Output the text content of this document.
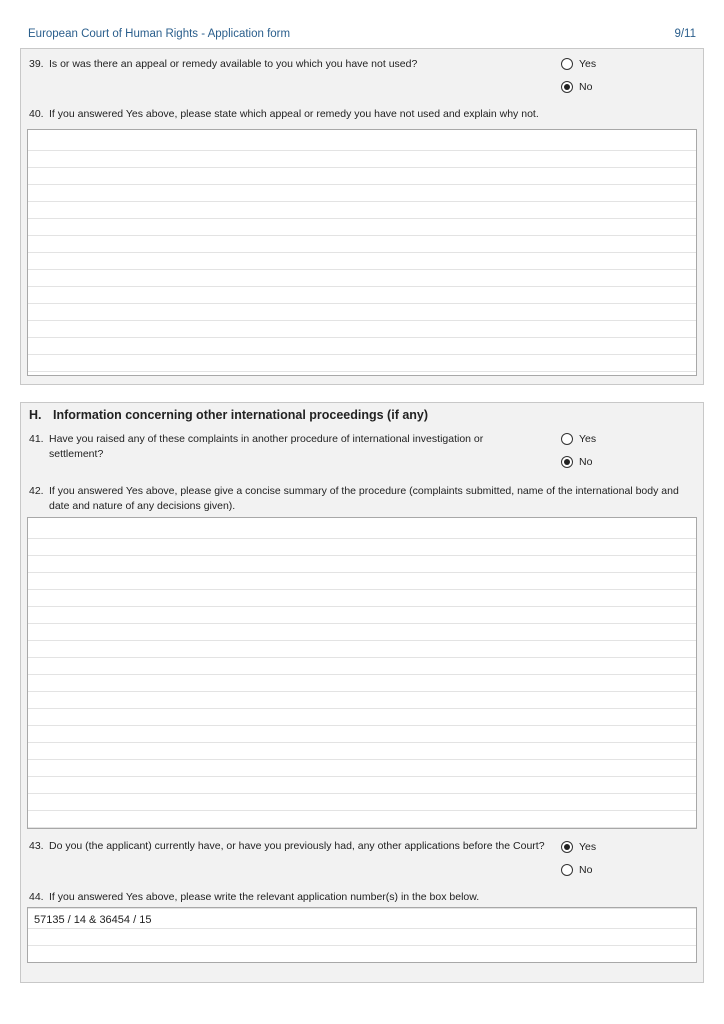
European Court of Human Rights - Application form	9/11
39. Is or was there an appeal or remedy available to you which you have not used?	Yes
No
40. If you answered Yes above, please state which appeal or remedy you have not used and explain why not.
H. Information concerning other international proceedings (if any)
41. Have you raised any of these complaints in another procedure of international investigation or settlement?
Yes
No
42. If you answered Yes above, please give a concise summary of the procedure (complaints submitted, name of the international body and date and nature of any decisions given).
43. Do you (the applicant) currently have, or have you previously had, any other applications before the Court?	Yes
No
44. If you answered Yes above, please write the relevant application number(s) in the box below.
57135 / 14 & 36454 / 15
